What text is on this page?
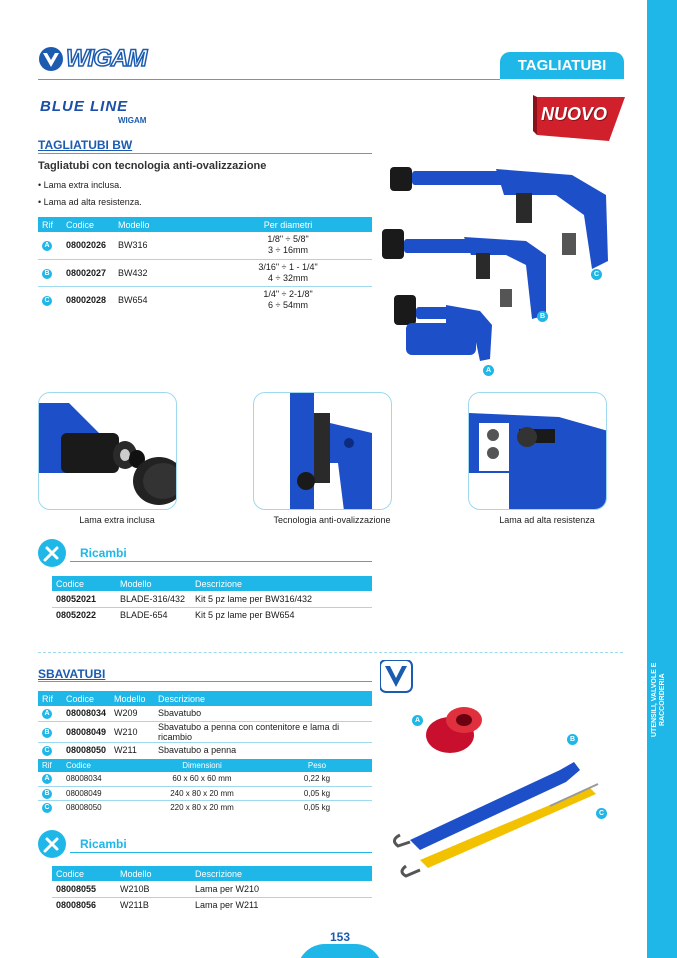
UTENSILI, VALVOLE E RACCORDERIA
WIGAM	TAGLIATUBI
BLUE LINE
WIGAM	NUOVO
TAGLIATUBI BW
Tagliatubi con tecnologia anti-ovalizzazione
• Lama extra inclusa.
• Lama ad alta resistenza.
Rif	Codice	Modello	Per diametri
A	08002026	BW316	1/8" ÷ 5/8"
3 ÷ 16mm
B	08002027	BW432	3/16" ÷ 1 - 1/4"
4 ÷ 32mm
C	08002028	BW654	1/4" ÷ 2-1/8"
6 ÷ 54mm
C
B
A
Lama extra inclusa	Tecnologia anti-ovalizzazione	Lama ad alta resistenza
Ricambi
Codice	Modello	Descrizione
08052021	BLADE-316/432	Kit 5 pz lame per BW316/432
08052022	BLADE-654	Kit 5 pz lame per BW654
SBAVATUBI
Rif	Codice	Modello	Descrizione
A	08008034	W209	Sbavatubo
B	08008049	W210	Sbavatubo a penna con contenitore e lama di ricambio
C	08008050	W211	Sbavatubo a penna
Rif	Codice	Dimensioni	Peso
A	08008034	60 x 60 x 60 mm	0,22 kg
B	08008049	240 x 80 x 20 mm	0,05 kg
C	08008050	220 x 80 x 20 mm	0,05 kg
A
B
C
Ricambi
Codice	Modello	Descrizione
08008055	W210B	Lama per W210
08008056	W211B	Lama per W211
153
